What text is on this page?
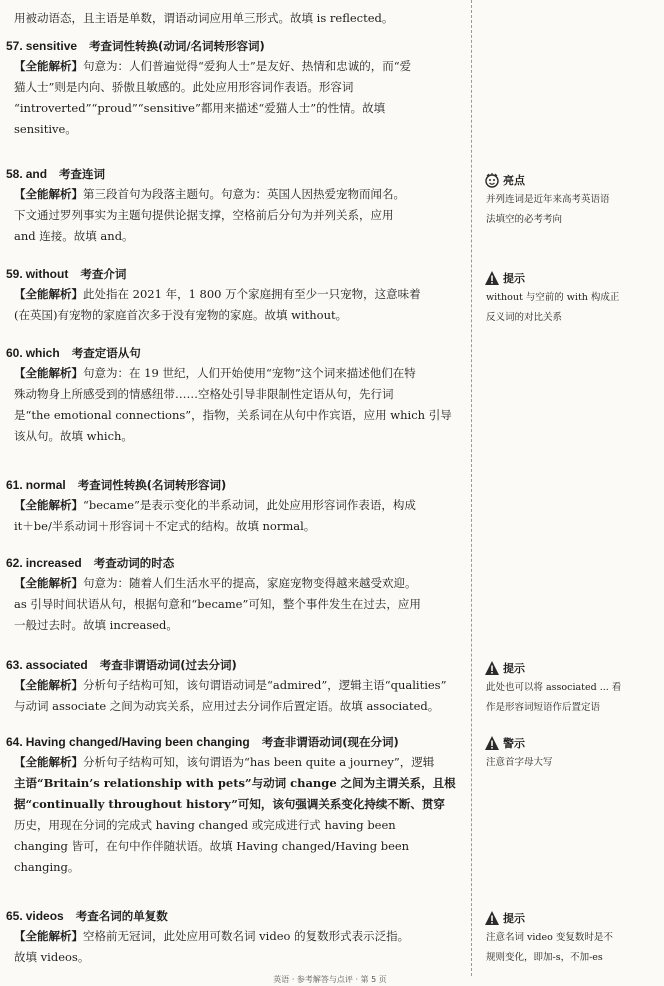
用被动语态，且主语是单数，谓语动词应用单三形式。故填 is reflected。
57. sensitive 考查词性转换(动词/名词转形容词)
【全能解析】句意为：人们普遍觉得“爱狗人士”是友好、热情和忠诚的，而“爱
猫人士”则是内向、骄傲且敏感的。此处应用形容词作表语。形容词
“introverted”“proud”“sensitive”都用来描述“爱猫人士”的性情。故填
sensitive。
58. and 考查连词
【全能解析】第三段首句为段落主题句。句意为：英国人因热爱宠物而闻名。
下文通过罗列事实为主题句提供论据支撑，空格前后分句为并列关系，应用
and 连接。故填 and。
59. without 考查介词
【全能解析】此处指在 2021 年，1 800 万个家庭拥有至少一只宠物，这意味着
(在英国)有宠物的家庭首次多于没有宠物的家庭。故填 without。
60. which 考查定语从句
【全能解析】句意为：在 19 世纪，人们开始使用“宠物”这个词来描述他们在特
殊动物身上所感受到的情感纽带……空格处引导非限制性定语从句，先行词
是“the emotional connections”，指物，关系词在从句中作宾语，应用 which 引导
该从句。故填 which。
61. normal 考查词性转换(名词转形容词)
【全能解析】“became”是表示变化的半系动词，此处应用形容词作表语，构成
it＋be/半系动词＋形容词＋不定式的结构。故填 normal。
62. increased 考查动词的时态
【全能解析】句意为：随着人们生活水平的提高，家庭宠物变得越来越受欢迎。
as 引导时间状语从句，根据句意和“became”可知，整个事件发生在过去，应用
一般过去时。故填 increased。
63. associated 考查非谓语动词(过去分词)
【全能解析】分析句子结构可知，该句谓语动词是“admired”，逻辑主语“qualities”
与动词 associate 之间为动宾关系，应用过去分词作后置定语。故填 associated。
64. Having changed/Having been changing 考查非谓语动词(现在分词)
【全能解析】分析句子结构可知，该句谓语为“has been quite a journey”，逻辑
主语“Britain’s relationship with pets”与动词 change 之间为主谓关系，且根
据“continually throughout history”可知，该句强调关系变化持续不断、贯穿
历史，用现在分词的完成式 having changed 或完成进行式 having been
changing 皆可，在句中作伴随状语。故填 Having changed/Having been
changing。
65. videos 考查名词的单复数
【全能解析】空格前无冠词，此处应用可数名词 video 的复数形式表示泛指。
故填 videos。
亮点
并列连词是近年来高考英语语
法填空的必考考向
提示
without 与空前的 with 构成正
反义词的对比关系
提示
此处也可以将 associated ... 看
作是形容词短语作后置定语
警示
注意首字母大写
提示
注意名词 video 变复数时是不
规则变化，即加-s，不加-es
英语 · 参考解答与点评 · 第 5 页
